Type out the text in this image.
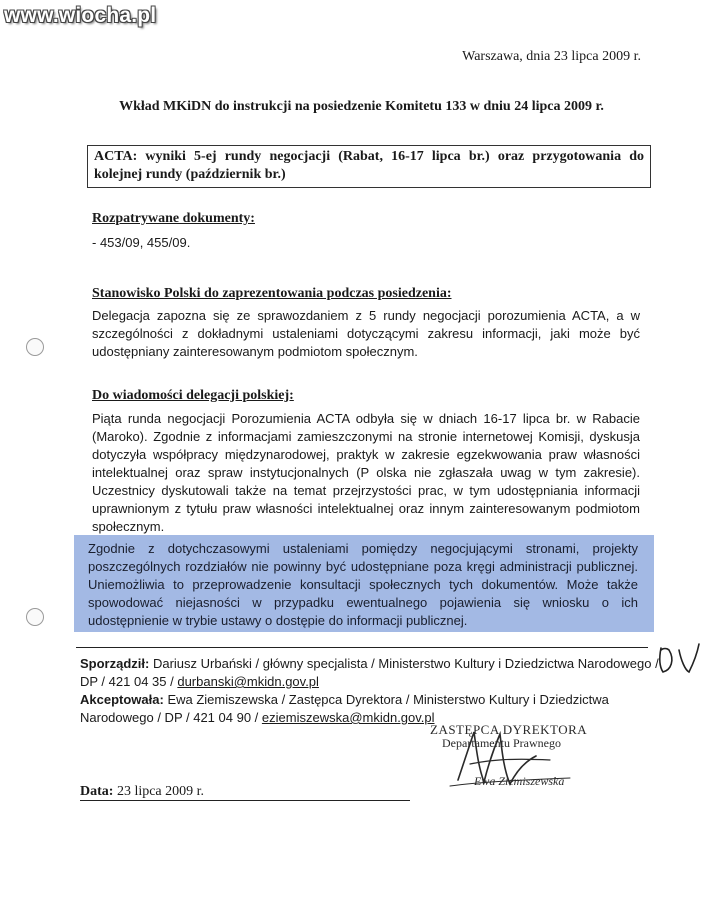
www.wiocha.pl
Warszawa, dnia 23 lipca 2009 r.
Wkład MKiDN do instrukcji na posiedzenie Komitetu 133 w dniu 24 lipca 2009 r.
ACTA: wyniki 5-ej rundy negocjacji (Rabat, 16-17 lipca br.) oraz przygotowania do kolejnej rundy (październik br.)
Rozpatrywane dokumenty:
- 453/09, 455/09.
Stanowisko Polski do zaprezentowania podczas posiedzenia:
Delegacja zapozna się ze sprawozdaniem z 5 rundy negocjacji porozumienia ACTA, a w szczególności z dokładnymi ustaleniami dotyczącymi zakresu informacji, jaki może być udostępniany zainteresowanym podmiotom społecznym.
Do wiadomości delegacji polskiej:
Piąta runda negocjacji Porozumienia ACTA odbyła się w dniach 16-17 lipca br. w Rabacie (Maroko). Zgodnie z informacjami zamieszczonymi na stronie internetowej Komisji, dyskusja dotyczyła współpracy międzynarodowej, praktyk w zakresie egzekwowania praw własności intelektualnej oraz spraw instytucjonalnych (P olska nie zgłaszała uwag w tym zakresie). Uczestnicy dyskutowali także na temat przejrzystości prac, w tym udostępniania informacji uprawnionym z tytułu praw własności intelektualnej oraz innym zainteresowanym podmiotom społecznym.
Zgodnie z dotychczasowymi ustaleniami pomiędzy negocjującymi stronami, projekty poszczególnych rozdziałów nie powinny być udostępniane poza kręgi administracji publicznej. Uniemożliwia to przeprowadzenie konsultacji społecznych tych dokumentów. Może także spowodować niejasności w przypadku ewentualnego pojawienia się wniosku o ich udostępnienie w trybie ustawy o dostępie do informacji publicznej.
Sporządził: Dariusz Urbański / główny specjalista / Ministerstwo Kultury i Dziedzictwa Narodowego / DP / 421 04 35 / durbanski@mkidn.gov.pl
Akceptowała: Ewa Ziemiszewska / Zastępca Dyrektora / Ministerstwo Kultury i Dziedzictwa Narodowego / DP / 421 04 90 / eziemiszewska@mkidn.gov.pl
ZASTĘPCA DYREKTORA
Departamentu Prawnego
Ewa Ziemiszewska
Data: 23 lipca 2009 r.
